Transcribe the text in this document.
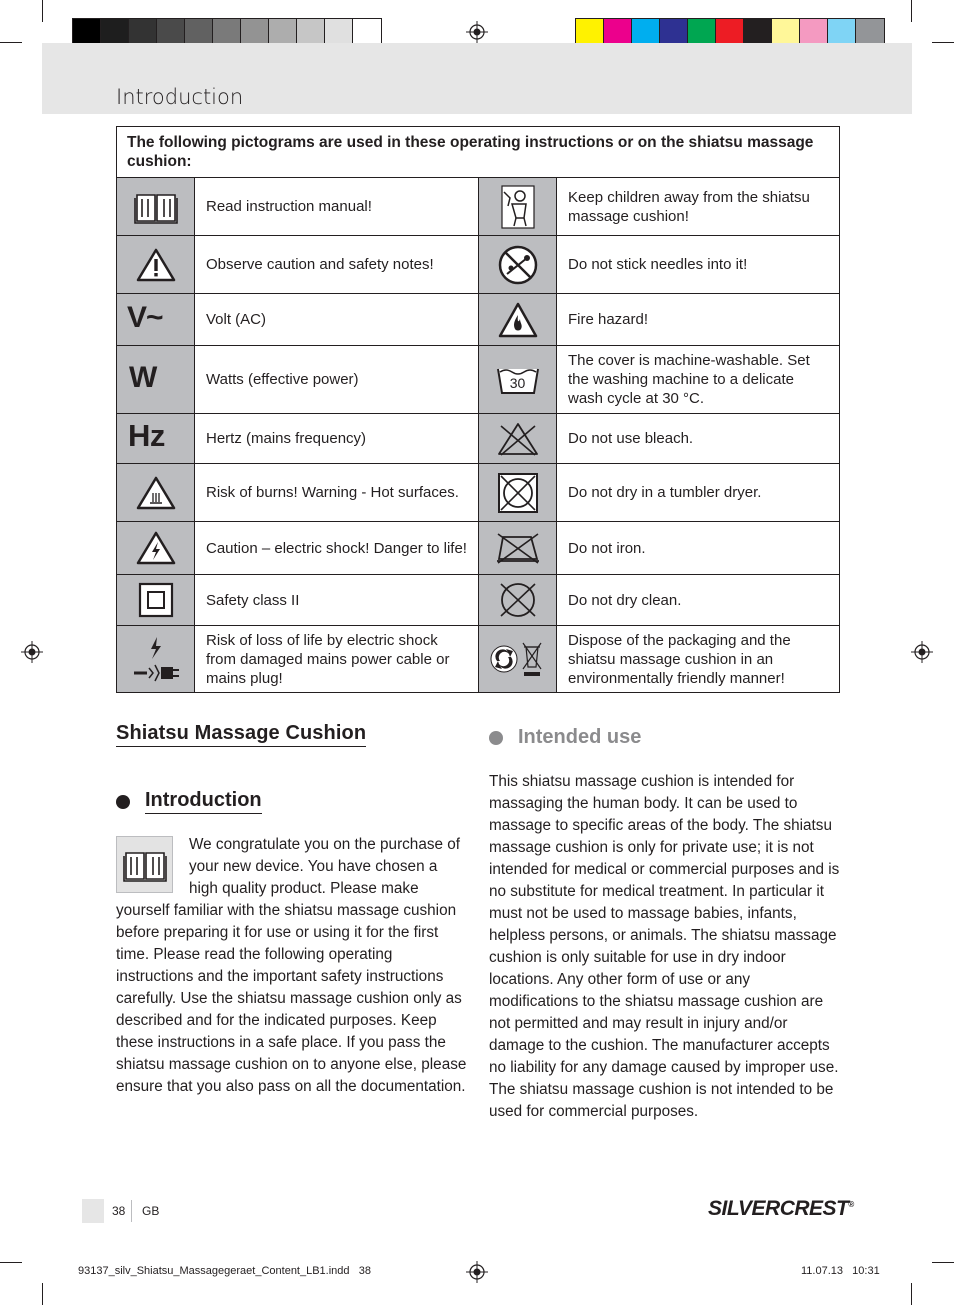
Introduction
The following pictograms are used in these operating instructions or on the shiatsu massage cushion:			

	Read instruction manual!		Keep children away from the shiatsu massage cushion!

	Observe caution and safety notes!		Do not stick needles into it!
V~	Volt (AC)		Fire hazard!
W	Watts (effective power)	30	The cover is machine-washable. Set the washing machine to a delicate wash cycle at 30 °C.
Hz	Hertz (mains frequency)		Do not use bleach.

	Risk of burns! Warning - Hot surfaces.		Do not dry in a tumbler dryer.

	Caution – electric shock! Danger to life!		Do not iron.

	Safety class II		Do not dry clean.

	Risk of loss of life by electric shock from damaged mains power cable or mains plug!		Dispose of the packaging and the shiatsu massage cushion in an environmentally friendly manner!
Shiatsu Massage Cushion
Introduction
We congratulate you on the purchase of your new device. You have chosen a high quality product. Please make yourself familiar with the shiatsu massage cushion before preparing it for use or using it for the first time. Please read the following operating instructions and the important safety instructions carefully. Use the shiatsu massage cushion only as described and for the indicated purposes. Keep these instructions in a safe place. If you pass the shiatsu massage cushion on to anyone else, please ensure that you also pass on all the documentation.
Intended use
This shiatsu massage cushion is intended for massaging the human body. It can be used to massage to specific areas of the body. The shiatsu massage cushion is only for private use; it is not intended for medical or commercial purposes and is no substitute for medical treatment. In particular it must not be used to massage babies, infants, helpless persons, or animals. The shiatsu massage cushion is only suitable for use in dry indoor locations. Any other form of use or any modifications to the shiatsu massage cushion are not permitted and may result in injury and/or damage to the cushion. The manufacturer accepts no liability for any damage caused by improper use. The shiatsu massage cushion is not intended to be used for commercial purposes.
38 GB	SILVERCREST®
93137_silv_Shiatsu_Massagegeraet_Content_LB1.indd   38	11.07.13   10:31
